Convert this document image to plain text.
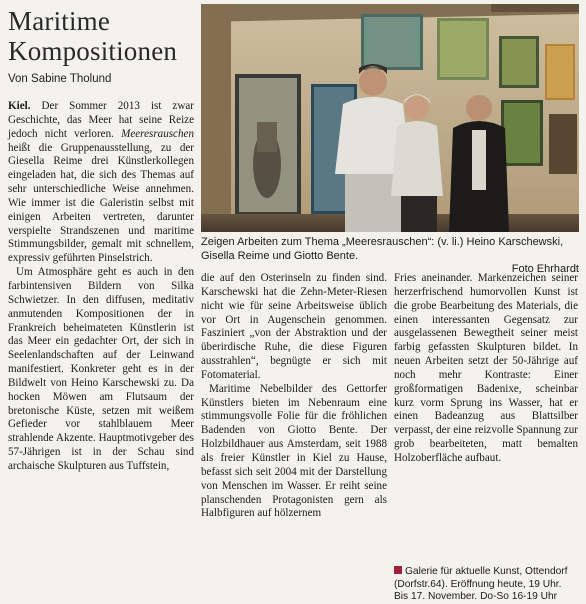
Maritime
Kompositionen
Von Sabine Tholund

Kiel. Der Sommer 2013 ist zwar Geschichte, das Meer hat seine Reize jedoch nicht verloren. Meeresrauschen heißt die Gruppenausstellung, zu der Giesella Reime drei Künstlerkollegen eingeladen hat, die sich des Themas auf sehr unterschiedliche Weise annehmen. Wie immer ist die Galeristin selbst mit einigen Arbeiten vertreten, darunter verspielte Strandszenen und maritime Stimmungsbilder, gemalt mit schnellem, expressiv geführten Pinselstrich.

Um Atmosphäre geht es auch in den farbintensiven Bildern von Silka Schwietzer. In den diffusen, meditativ anmutenden Kompositionen der in Frankreich beheimateten Künstlerin ist das Meer ein gedachter Ort, der sich in Seelenlandschaften auf der Leinwand manifestiert. Konkreter geht es in der Bildwelt von Heino Karschewski zu. Da hocken Möwen am Flutsaum der bretonische Küste, setzen mit weißem Gefieder vor stahlblauem Meer strahlende Akzente. Hauptmotivgeber des 57-Jährigen ist in der Schau sind archaische Skulpturen aus Tuffstein,

Zeigen Arbeiten zum Thema „Meeresrauschen“: (v. li.) Heino Karschewski, Gisella Reime und Giotto Bente.
Foto Ehrhardt

die auf den Osterinseln zu finden sind. Karschewski hat die Zehn-Meter-Riesen nicht wie für seine Arbeitsweise üblich vor Ort in Augenschein genommen. Fasziniert „von der Abstraktion und der überirdische Ruhe, die diese Figuren ausstrahlen“, begnügte er sich mit Fotomaterial.

Maritime Nebelbilder des Gettorfer Künstlers bieten im Nebenraum eine stimmungsvolle Folie für die fröhlichen Badenden von Giotto Bente. Der Holzbildhauer aus Amsterdam, seit 1988 als freier Künstler in Kiel zu Hause, befasst sich seit 2004 mit der Darstellung von Menschen im Wasser. Er reiht seine planschenden Protagonisten gern als Halbfiguren auf hölzernem

Fries aneinander. Markenzeichen seiner herzerfrischend humorvollen Kunst ist die grobe Bearbeitung des Materials, die einen interessanten Gegensatz zur ausgelassenen Bewegtheit seiner meist farbig gefassten Skulpturen bildet. In neuen Arbeiten setzt der 50-Jährige auf noch mehr Kontraste: Einer großformatigen Badenixe, scheinbar kurz vorm Sprung ins Wasser, hat er einen Badeanzug aus Blattsilber verpasst, der eine reizvolle Spannung zur grob bearbeiteten, matt bemalten Holzoberfläche aufbaut.

Galerie für aktuelle Kunst, Ottendorf (Dorfstr.64). Eröffnung heute, 19 Uhr. Bis 17. November. Do-So 16-19 Uhr
